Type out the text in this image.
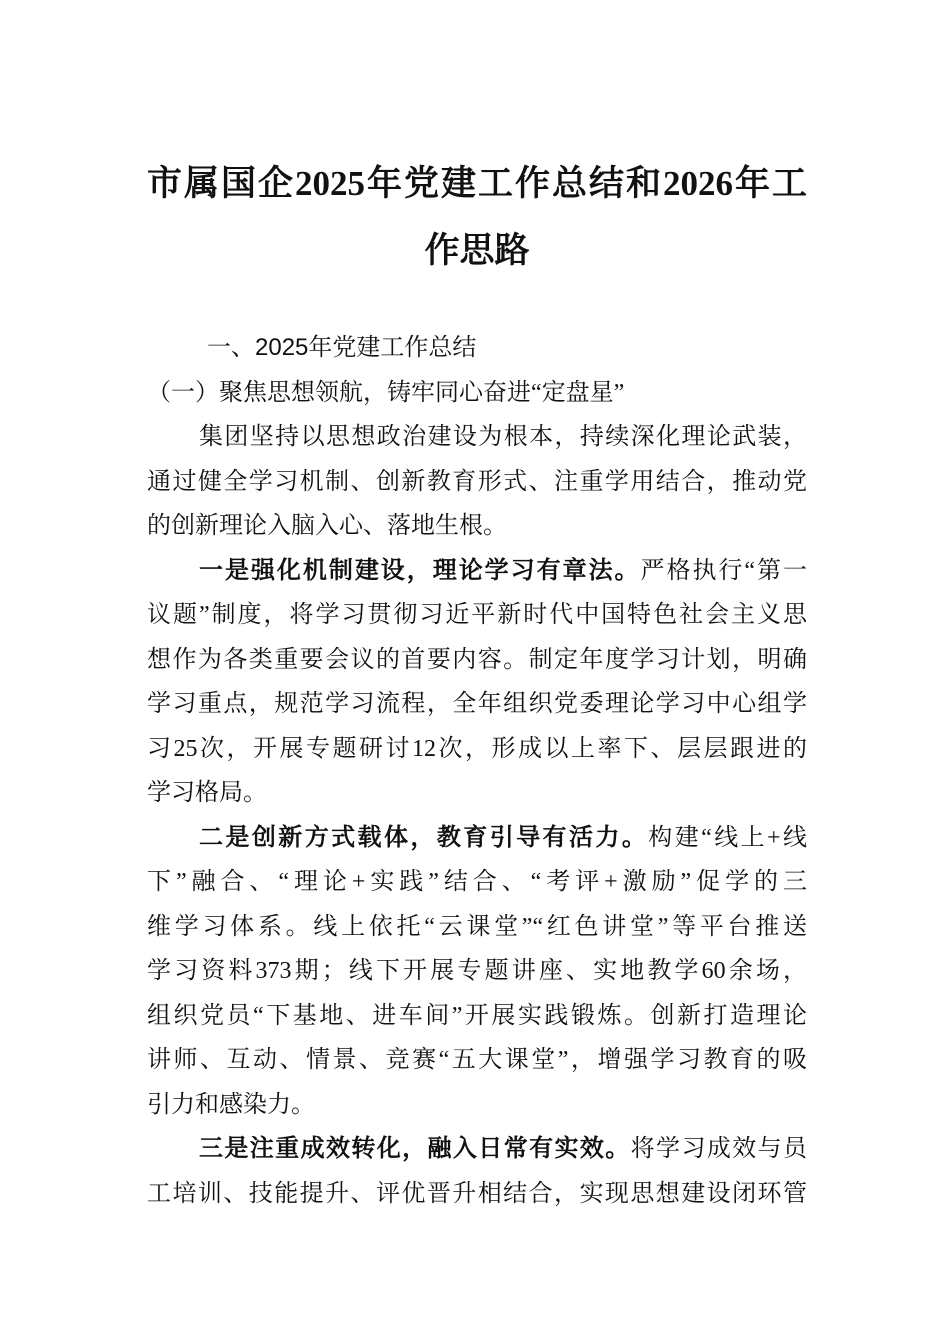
市属国企2025年党建工作总结和2026年工
作思路
一、2025年党建工作总结
（一）聚焦思想领航，铸牢同心奋进“定盘星”
集团坚持以思想政治建设为根本，持续深化理论武装，
通过健全学习机制、创新教育形式、注重学用结合，推动党
的创新理论入脑入心、落地生根。
一是强化机制建设，理论学习有章法。严格执行“第一
议题”制度，将学习贯彻习近平新时代中国特色社会主义思
想作为各类重要会议的首要内容。制定年度学习计划，明确
学习重点，规范学习流程，全年组织党委理论学习中心组学
习25次，开展专题研讨12次，形成以上率下、层层跟进的
学习格局。
二是创新方式载体，教育引导有活力。构建“线上+线
下”融合、“理论+实践”结合、“考评+激励”促学的三
维学习体系。线上依托“云课堂”“红色讲堂”等平台推送
学习资料373期；线下开展专题讲座、实地教学60余场，
组织党员“下基地、进车间”开展实践锻炼。创新打造理论
讲师、互动、情景、竞赛“五大课堂”，增强学习教育的吸
引力和感染力。
三是注重成效转化，融入日常有实效。将学习成效与员
工培训、技能提升、评优晋升相结合，实现思想建设闭环管
